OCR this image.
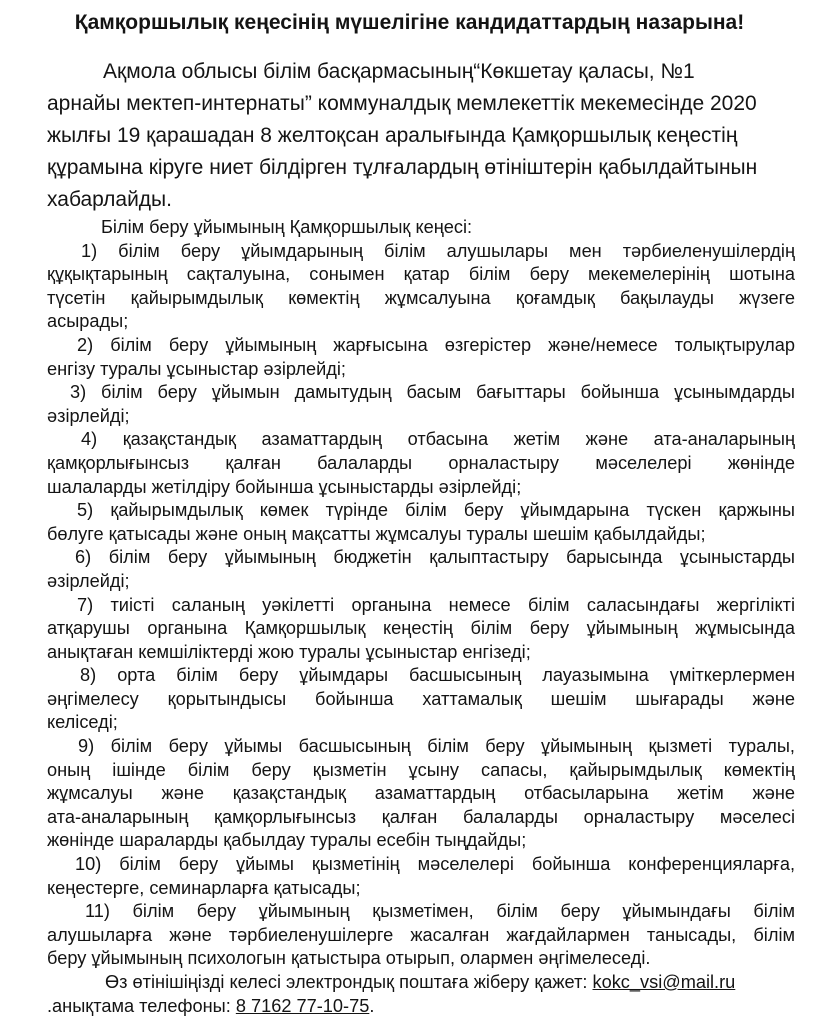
Қамқоршылық кеңесінің мүшелігіне кандидаттардың назарына!
Ақмола облысы білім басқармасының“Көкшетау қаласы, №1
арнайы мектеп-интернаты” коммуналдық мемлекеттік мекемесінде 2020
жылғы 19 қарашадан 8 желтоқсан аралығында Қамқоршылық кеңестің
құрамына кіруге ниет білдірген тұлғалардың өтініштерін қабылдайтынын
хабарлайды.
Білім беру ұйымының Қамқоршылық кеңесі:
1) білім беру ұйымдарының білім алушылары мен тәрбиеленушілердің
құқықтарының сақталуына, сонымен қатар білім беру мекемелерінің шотына
түсетін қайырымдылық көмектің жұмсалуына қоғамдық бақылауды жүзеге
асырады;
2) білім беру ұйымының жарғысына өзгерістер және/немесе толықтырулар
енгізу туралы ұсыныстар әзірлейді;
3) білім беру ұйымын дамытудың басым бағыттары бойынша ұсынымдарды
әзірлейді;
4) қазақстандық азаматтардың отбасына жетім және ата-аналарының
қамқорлығынсыз қалған балаларды орналастыру мәселелері жөнінде
шалаларды жетілдіру бойынша ұсыныстарды әзірлейді;
5) қайырымдылық көмек түрінде білім беру ұйымдарына түскен қаржыны
бөлуге қатысады және оның мақсатты жұмсалуы туралы шешім қабылдайды;
6) білім беру ұйымының бюджетін қалыптастыру барысында ұсыныстарды
әзірлейді;
7) тиісті саланың уәкілетті органына немесе білім саласындағы жергілікті
атқарушы органына Қамқоршылық кеңестің білім беру ұйымының жұмысында
анықтаған кемшіліктерді жою туралы ұсыныстар енгізеді;
8) орта білім беру ұйымдары басшысының лауазымына үміткерлермен
әңгімелесу қорытындысы бойынша хаттамалық шешім шығарады және
келіседі;
9) білім беру ұйымы басшысының білім беру ұйымының қызметі туралы,
оның ішінде білім беру қызметін ұсыну сапасы, қайырымдылық көмектің
жұмсалуы және қазақстандық азаматтардың отбасыларына жетім және
ата-аналарының қамқорлығынсыз қалған балаларды орналастыру мәселесі
жөнінде шараларды қабылдау туралы есебін тыңдайды;
10) білім беру ұйымы қызметінің мәселелері бойынша конференцияларға,
кеңестерге, семинарларға қатысады;
11) білім беру ұйымының қызметімен, білім беру ұйымындағы білім
алушыларға және тәрбиеленушілерге жасалған жағдайлармен танысады, білім
беру ұйымының психологын қатыстыра отырып, олармен әңгімелеседі.
Өз өтінішіңізді келесі электрондық поштаға жіберу қажет: kokc_vsi@mail.ru
.анықтама телефоны: 8 7162 77-10-75.
